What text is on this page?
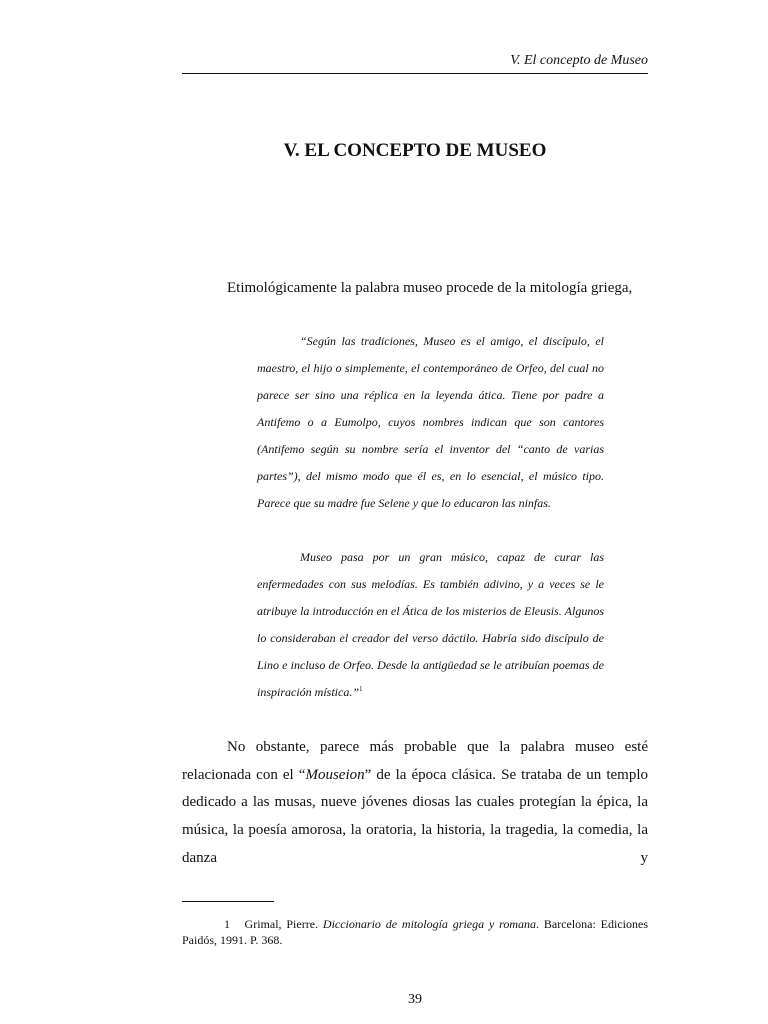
V. El concepto de Museo
V. EL CONCEPTO DE MUSEO

Etimológicamente la palabra museo procede de la mitología griega,

“Según las tradiciones, Museo es el amigo, el discípulo, el maestro, el hijo o simplemente, el contemporáneo de Orfeo, del cual no parece ser sino una réplica en la leyenda ática. Tiene por padre a Antifemo o a Eumolpo, cuyos nombres indican que son cantores (Antifemo según su nombre sería el inventor del “canto de varias partes”), del mismo modo que él es, en lo esencial, el músico tipo. Parece que su madre fue Selene y que lo educaron las ninfas.

Museo pasa por un gran músico, capaz de curar las enfermedades con sus melodías. Es también adivino, y a veces se le atribuye la introducción en el Ática de los misterios de Eleusis. Algunos lo consideraban el creador del verso dáctilo. Habría sido discípulo de Lino e incluso de Orfeo. Desde la antigüedad se le atribuían poemas de inspiración mística.”$^1$

No obstante, parece más probable que la palabra museo esté relacionada con el “Mouseion” de la época clásica. Se trataba de un templo dedicado a las musas, nueve jóvenes diosas las cuales protegían la épica, la música, la poesía amorosa, la oratoria, la historia, la tragedia, la comedia, la danza y

1 Grimal, Pierre. Diccionario de mitología griega y romana. Barcelona: Ediciones Paidós, 1991. P. 368.

39
